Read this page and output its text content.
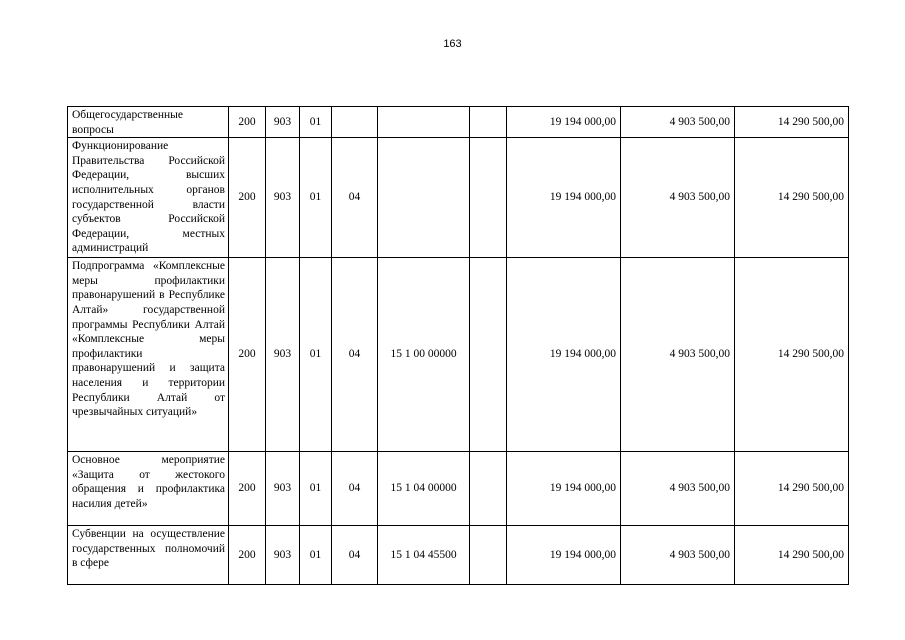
163
Общегосударственные вопросы	200	903	01				19 194 000,00	4 903 500,00	14 290 500,00
Функционирование Правительства Российской Федерации, высших исполнительных органов государственной власти субъектов Российской Федерации, местных администраций	200	903	01	04			19 194 000,00	4 903 500,00	14 290 500,00
Подпрограмма «Комплексные меры профилактики правонарушений в Республике Алтай» государственной программы Республики Алтай «Комплексные меры профилактики правонарушений и защита населения и территории Республики Алтай от чрезвычайных ситуаций»	200	903	01	04	15 1 00 00000		19 194 000,00	4 903 500,00	14 290 500,00
Основное мероприятие «Защита от жестокого обращения и профилактика насилия детей»	200	903	01	04	15 1 04 00000		19 194 000,00	4 903 500,00	14 290 500,00
Субвенции на осуществление государственных полномочий в сфере	200	903	01	04	15 1 04 45500		19 194 000,00	4 903 500,00	14 290 500,00
